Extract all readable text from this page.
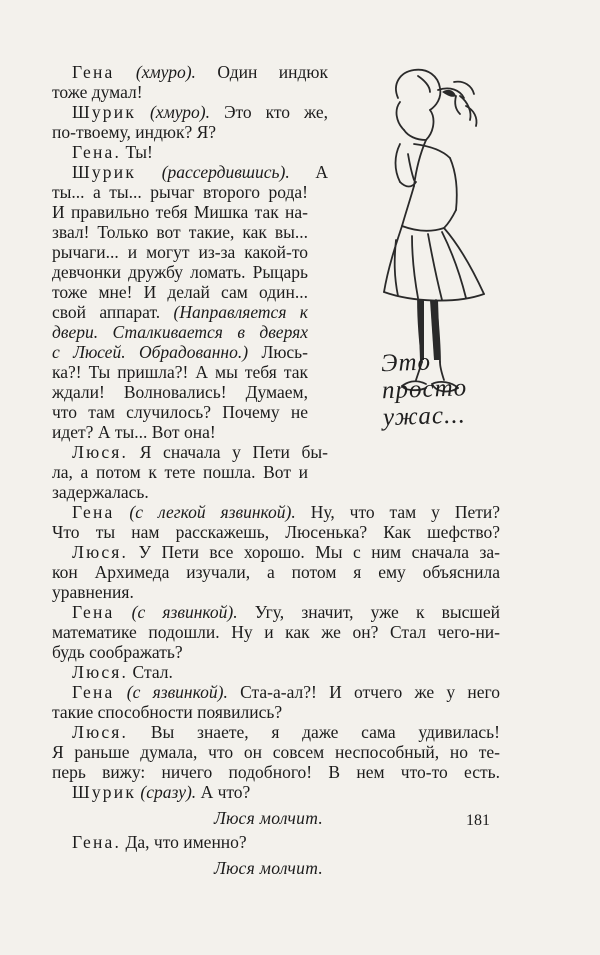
Гена (хмуро). Один индюк
тоже думал!
Шурик (хмуро). Это кто же,
по-твоему, индюк? Я?
Гена. Ты!
Шурик (рассердившись). А
ты... а ты... рычаг второго рода!
И правильно тебя Мишка так на-
звал! Только вот такие, как вы...
рычаги... и могут из-за какой-то
девчонки дружбу ломать. Рыцарь
тоже мне! И делай сам один...
свой аппарат. (Направляется к
двери. Сталкивается в дверях
с Люсей. Обрадованно.) Люсь-
ка?! Ты пришла?! А мы тебя так
ждали! Волновались! Думаем,
что там случилось? Почему не
идет? А ты... Вот она!
Люся. Я сначала у Пети бы-
ла, а потом к тете пошла. Вот и
задержалась.
Гена (с легкой язвинкой). Ну, что там у Пети?
Что ты нам расскажешь, Люсенька? Как шефство?
Люся. У Пети все хорошо. Мы с ним сначала за-
кон Архимеда изучали, а потом я ему объяснила
уравнения.
Гена (с язвинкой). Угу, значит, уже к высшей
математике подошли. Ну и как же он? Стал чего-ни-
будь соображать?
Люся. Стал.
Гена (с язвинкой). Ста-а-ал?! И отчего же у него
такие способности появились?
Люся. Вы знаете, я даже сама удивилась!
Я раньше думала, что он совсем неспособный, но те-
перь вижу: ничего подобного! В нем что-то есть.
Шурик (сразу). А что?
Люся молчит.
Гена. Да, что именно?
Люся молчит.
181
Это
просто
ужас...
